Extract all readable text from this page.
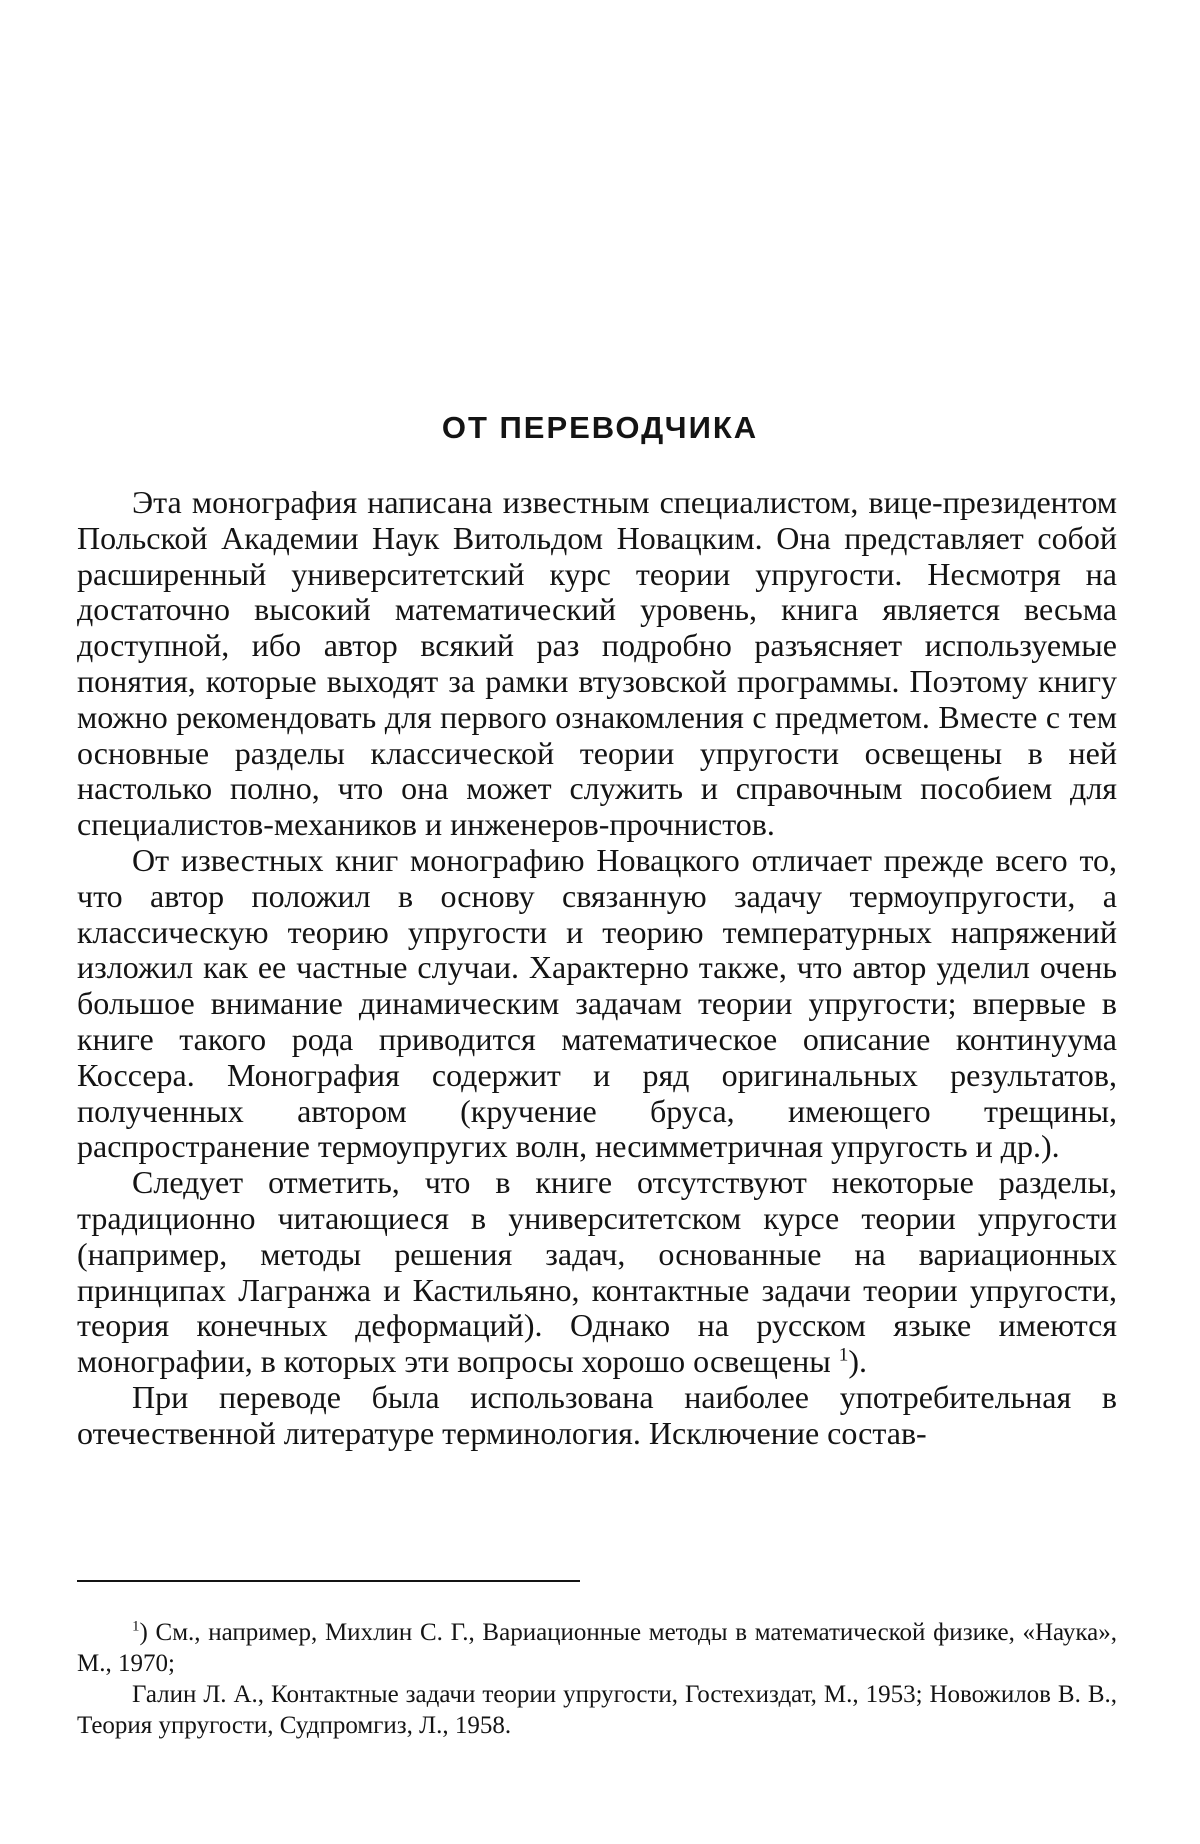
ОТ ПЕРЕВОДЧИКА

Эта монография написана известным специалистом, вице-президентом Польской Академии Наук Витольдом Новацким. Она представляет собой расширенный университетский курс теории упругости. Несмотря на достаточно высокий математический уровень, книга является весьма доступной, ибо автор всякий раз подробно разъясняет используемые понятия, которые выходят за рамки втузовской программы. Поэтому книгу можно рекомендовать для первого ознакомления с предметом. Вместе с тем основные разделы классической теории упругости освещены в ней настолько полно, что она может служить и справочным пособием для специалистов-механиков и инженеров-прочнистов.

От известных книг монографию Новацкого отличает прежде всего то, что автор положил в основу связанную задачу термоупругости, а классическую теорию упругости и теорию температурных напряжений изложил как ее частные случаи. Характерно также, что автор уделил очень большое внимание динамическим задачам теории упругости; впервые в книге такого рода приводится математическое описание континуума Коссера. Монография содержит и ряд оригинальных результатов, полученных автором (кручение бруса, имеющего трещины, распространение термоупругих волн, несимметричная упругость и др.).

Следует отметить, что в книге отсутствуют некоторые разделы, традиционно читающиеся в университетском курсе теории упругости (например, методы решения задач, основанные на вариационных принципах Лагранжа и Кастильяно, контактные задачи теории упругости, теория конечных деформаций). Однако на русском языке имеются монографии, в которых эти вопросы хорошо освещены $^1$).

При переводе была использована наиболее употребительная в отечественной литературе терминология. Исключение состав-

$^1$) См., например, Михлин С. Г., Вариационные методы в математической физике, «Наука», М., 1970;

Галин Л. А., Контактные задачи теории упругости, Гостехиздат, М., 1953; Новожилов В. В., Теория упругости, Судпромгиз, Л., 1958.
